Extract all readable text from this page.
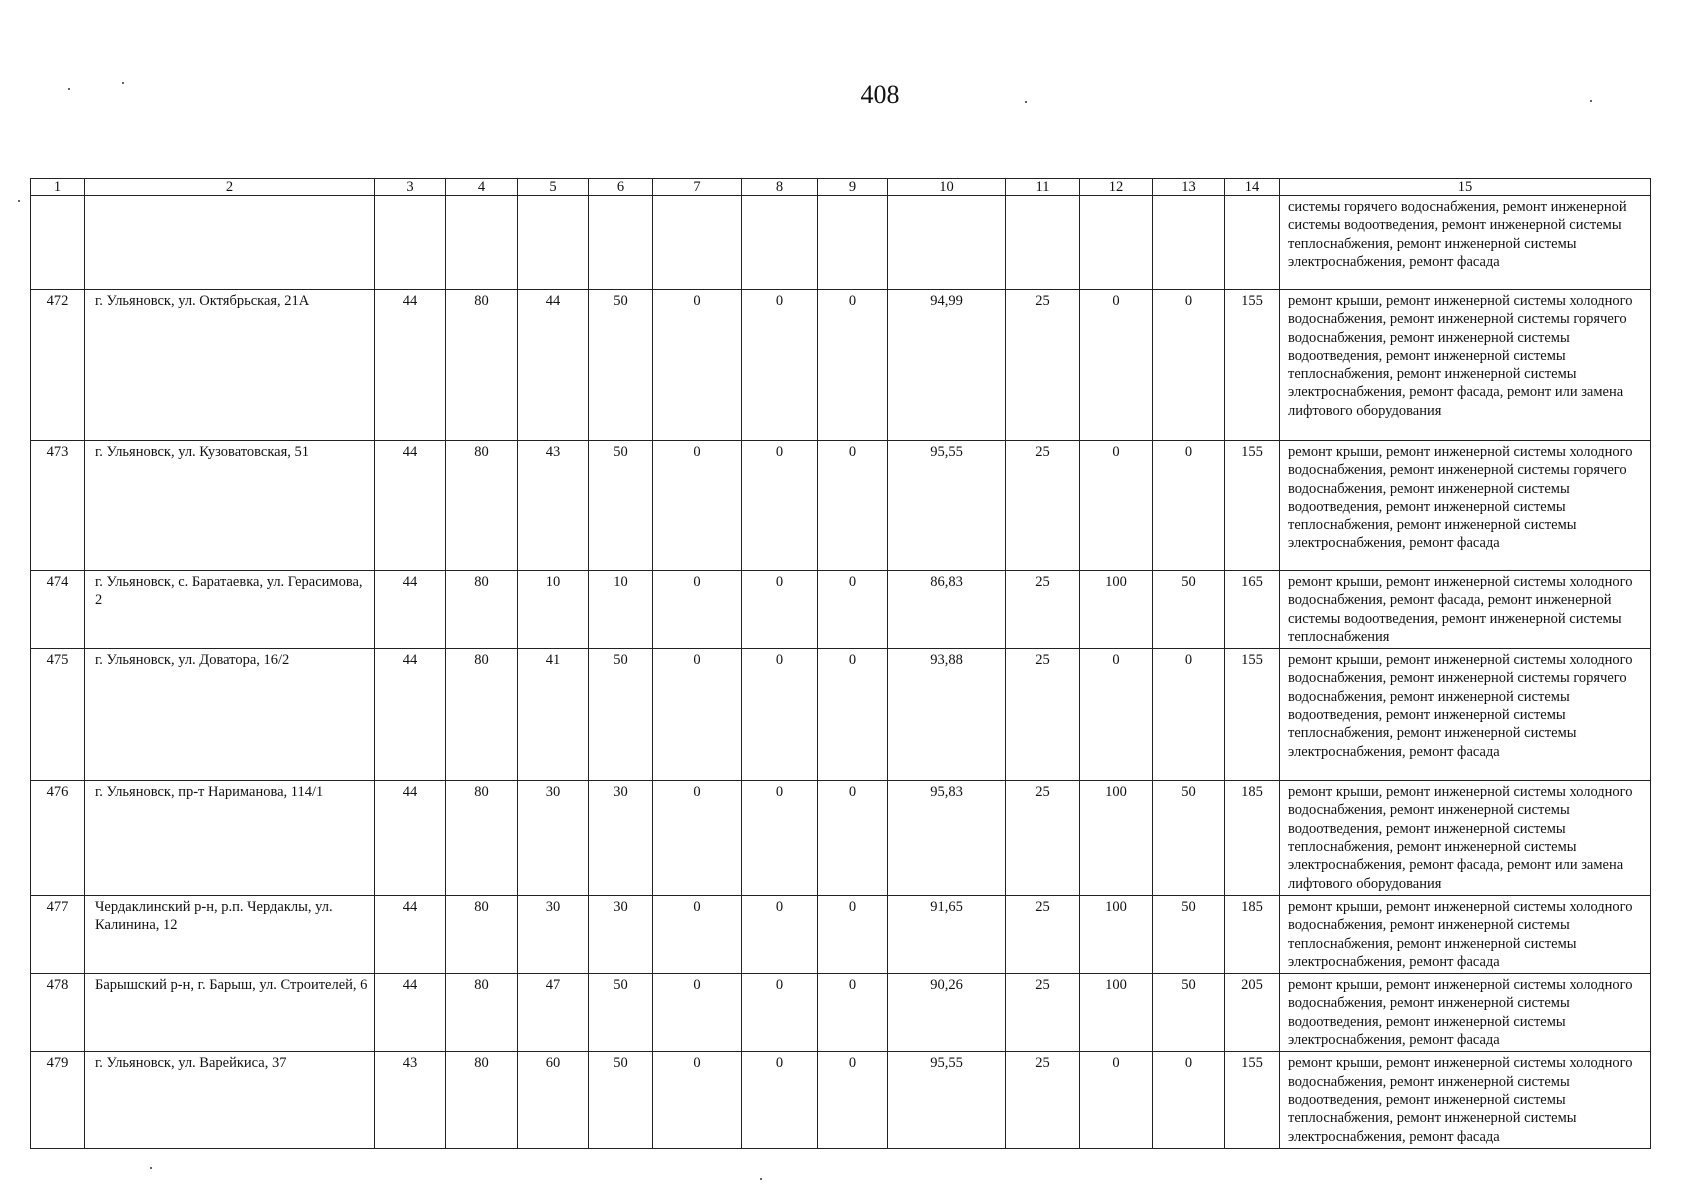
408
1	2	3	4	5	6	7	8	9	10	11	12	13	14	15
														системы горячего водоснабжения, ремонт инженерной системы водоотведения, ремонт инженерной системы теплоснабжения, ремонт инженерной системы электроснабжения, ремонт фасада
472	г. Ульяновск, ул. Октябрьская, 21А	44	80	44	50	0	0	0	94,99	25	0	0	155	ремонт крыши, ремонт инженерной системы холодного водоснабжения, ремонт инженерной системы горячего водоснабжения, ремонт инженерной системы водоотведения, ремонт инженерной системы теплоснабжения, ремонт инженерной системы электроснабжения, ремонт фасада, ремонт или замена лифтового оборудования
473	г. Ульяновск, ул. Кузоватовская, 51	44	80	43	50	0	0	0	95,55	25	0	0	155	ремонт крыши, ремонт инженерной системы холодного водоснабжения, ремонт инженерной системы горячего водоснабжения, ремонт инженерной системы водоотведения, ремонт инженерной системы теплоснабжения, ремонт инженерной системы электроснабжения, ремонт фасада
474	г. Ульяновск, с. Баратаевка, ул. Герасимова, 2	44	80	10	10	0	0	0	86,83	25	100	50	165	ремонт крыши, ремонт инженерной системы холодного водоснабжения, ремонт фасада, ремонт инженерной системы водоотведения, ремонт инженерной системы теплоснабжения
475	г. Ульяновск, ул. Доватора, 16/2	44	80	41	50	0	0	0	93,88	25	0	0	155	ремонт крыши, ремонт инженерной системы холодного водоснабжения, ремонт инженерной системы горячего водоснабжения, ремонт инженерной системы водоотведения, ремонт инженерной системы теплоснабжения, ремонт инженерной системы электроснабжения, ремонт фасада
476	г. Ульяновск, пр-т Нариманова, 114/1	44	80	30	30	0	0	0	95,83	25	100	50	185	ремонт крыши, ремонт инженерной системы холодного водоснабжения, ремонт инженерной системы водоотведения, ремонт инженерной системы теплоснабжения, ремонт инженерной системы электроснабжения, ремонт фасада, ремонт или замена лифтового оборудования
477	Чердаклинский р-н, р.п. Чердаклы, ул. Калинина, 12	44	80	30	30	0	0	0	91,65	25	100	50	185	ремонт крыши, ремонт инженерной системы холодного водоснабжения, ремонт инженерной системы теплоснабжения, ремонт инженерной системы электроснабжения, ремонт фасада
478	Барышский р-н, г. Барыш, ул. Строителей, 6	44	80	47	50	0	0	0	90,26	25	100	50	205	ремонт крыши, ремонт инженерной системы холодного водоснабжения, ремонт инженерной системы водоотведения, ремонт инженерной системы электроснабжения, ремонт фасада
479	г. Ульяновск, ул. Варейкиса, 37	43	80	60	50	0	0	0	95,55	25	0	0	155	ремонт крыши, ремонт инженерной системы холодного водоснабжения, ремонт инженерной системы водоотведения, ремонт инженерной системы теплоснабжения, ремонт инженерной системы электроснабжения, ремонт фасада
